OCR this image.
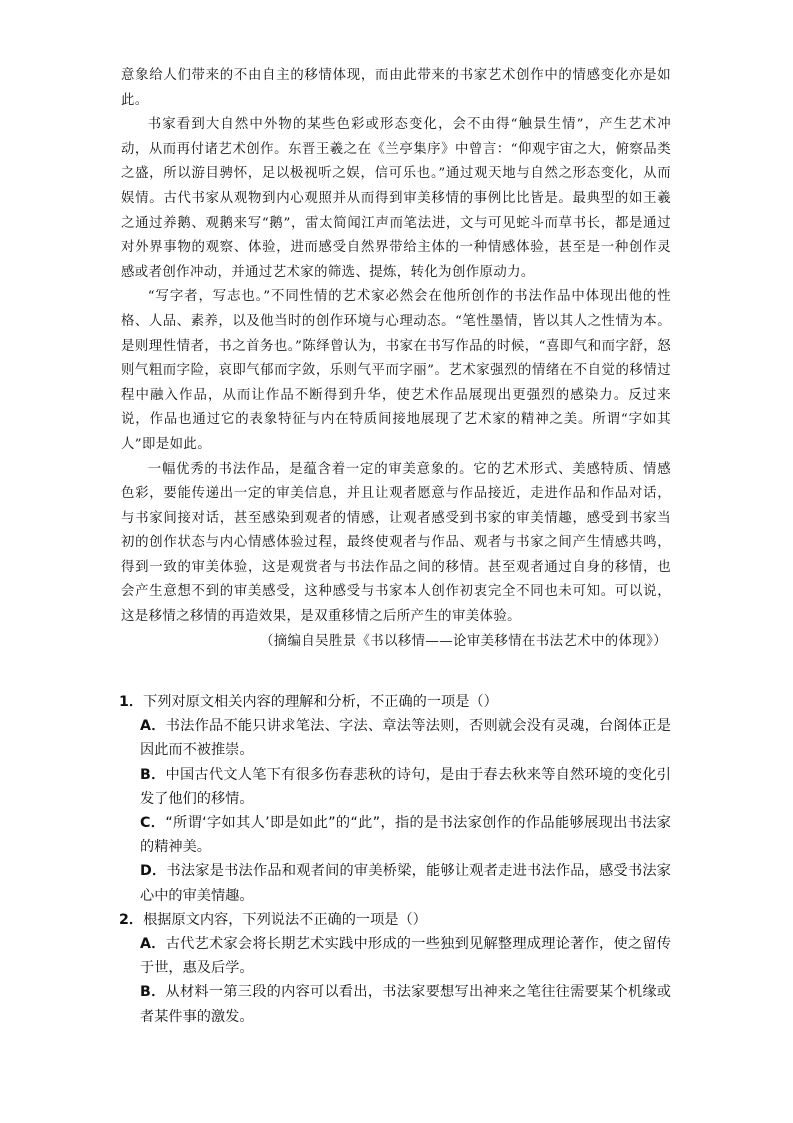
意象给人们带来的不由自主的移情体现，而由此带来的书家艺术创作中的情感变化亦是如此。

书家看到大自然中外物的某些色彩或形态变化，会不由得“触景生情”，产生艺术冲动，从而再付诸艺术创作。东晋王羲之在《兰亭集序》中曾言：“仰观宇宙之大，俯察品类之盛，所以游目骋怀，足以极视听之娱，信可乐也。”通过观天地与自然之形态变化，从而娱情。古代书家从观物到内心观照并从而得到审美移情的事例比比皆是。最典型的如王羲之通过养鹅、观鹅来写“鹅”，雷太简闻江声而笔法进，文与可见蛇斗而草书长，都是通过对外界事物的观察、体验，进而感受自然界带给主体的一种情感体验，甚至是一种创作灵感或者创作冲动，并通过艺术家的筛选、提炼，转化为创作原动力。

“写字者，写志也。”不同性情的艺术家必然会在他所创作的书法作品中体现出他的性格、人品、素养，以及他当时的创作环境与心理动态。“笔性墨情，皆以其人之性情为本。是则理性情者，书之首务也。”陈绎曾认为，书家在书写作品的时候，“喜即气和而字舒，怒则气粗而字险，哀即气郁而字敛，乐则气平而字丽”。艺术家强烈的情绪在不自觉的移情过程中融入作品，从而让作品不断得到升华，使艺术作品展现出更强烈的感染力。反过来说，作品也通过它的表象特征与内在特质间接地展现了艺术家的精神之美。所谓“字如其人”即是如此。

一幅优秀的书法作品，是蕴含着一定的审美意象的。它的艺术形式、美感特质、情感色彩，要能传递出一定的审美信息，并且让观者愿意与作品接近，走进作品和作品对话，与书家间接对话，甚至感染到观者的情感，让观者感受到书家的审美情趣，感受到书家当初的创作状态与内心情感体验过程，最终使观者与作品、观者与书家之间产生情感共鸣，得到一致的审美体验，这是观赏者与书法作品之间的移情。甚至观者通过自身的移情，也会产生意想不到的审美感受，这种感受与书家本人创作初衷完全不同也未可知。可以说，这是移情之移情的再造效果，是双重移情之后所产生的审美体验。

（摘编自吴胜景《书以移情——论审美移情在书法艺术中的体现》）

1．下列对原文相关内容的理解和分析，不正确的一项是（）

A．书法作品不能只讲求笔法、字法、章法等法则，否则就会没有灵魂，台阁体正是因此而不被推崇。

B．中国古代文人笔下有很多伤春悲秋的诗句，是由于春去秋来等自然环境的变化引发了他们的移情。

C．“所谓‘字如其人’即是如此”的“此”，指的是书法家创作的作品能够展现出书法家的精神美。

D．书法家是书法作品和观者间的审美桥梁，能够让观者走进书法作品，感受书法家心中的审美情趣。

2．根据原文内容，下列说法不正确的一项是（）

A．古代艺术家会将长期艺术实践中形成的一些独到见解整理成理论著作，使之留传于世，惠及后学。

B．从材料一第三段的内容可以看出，书法家要想写出神来之笔往往需要某个机缘或者某件事的激发。
